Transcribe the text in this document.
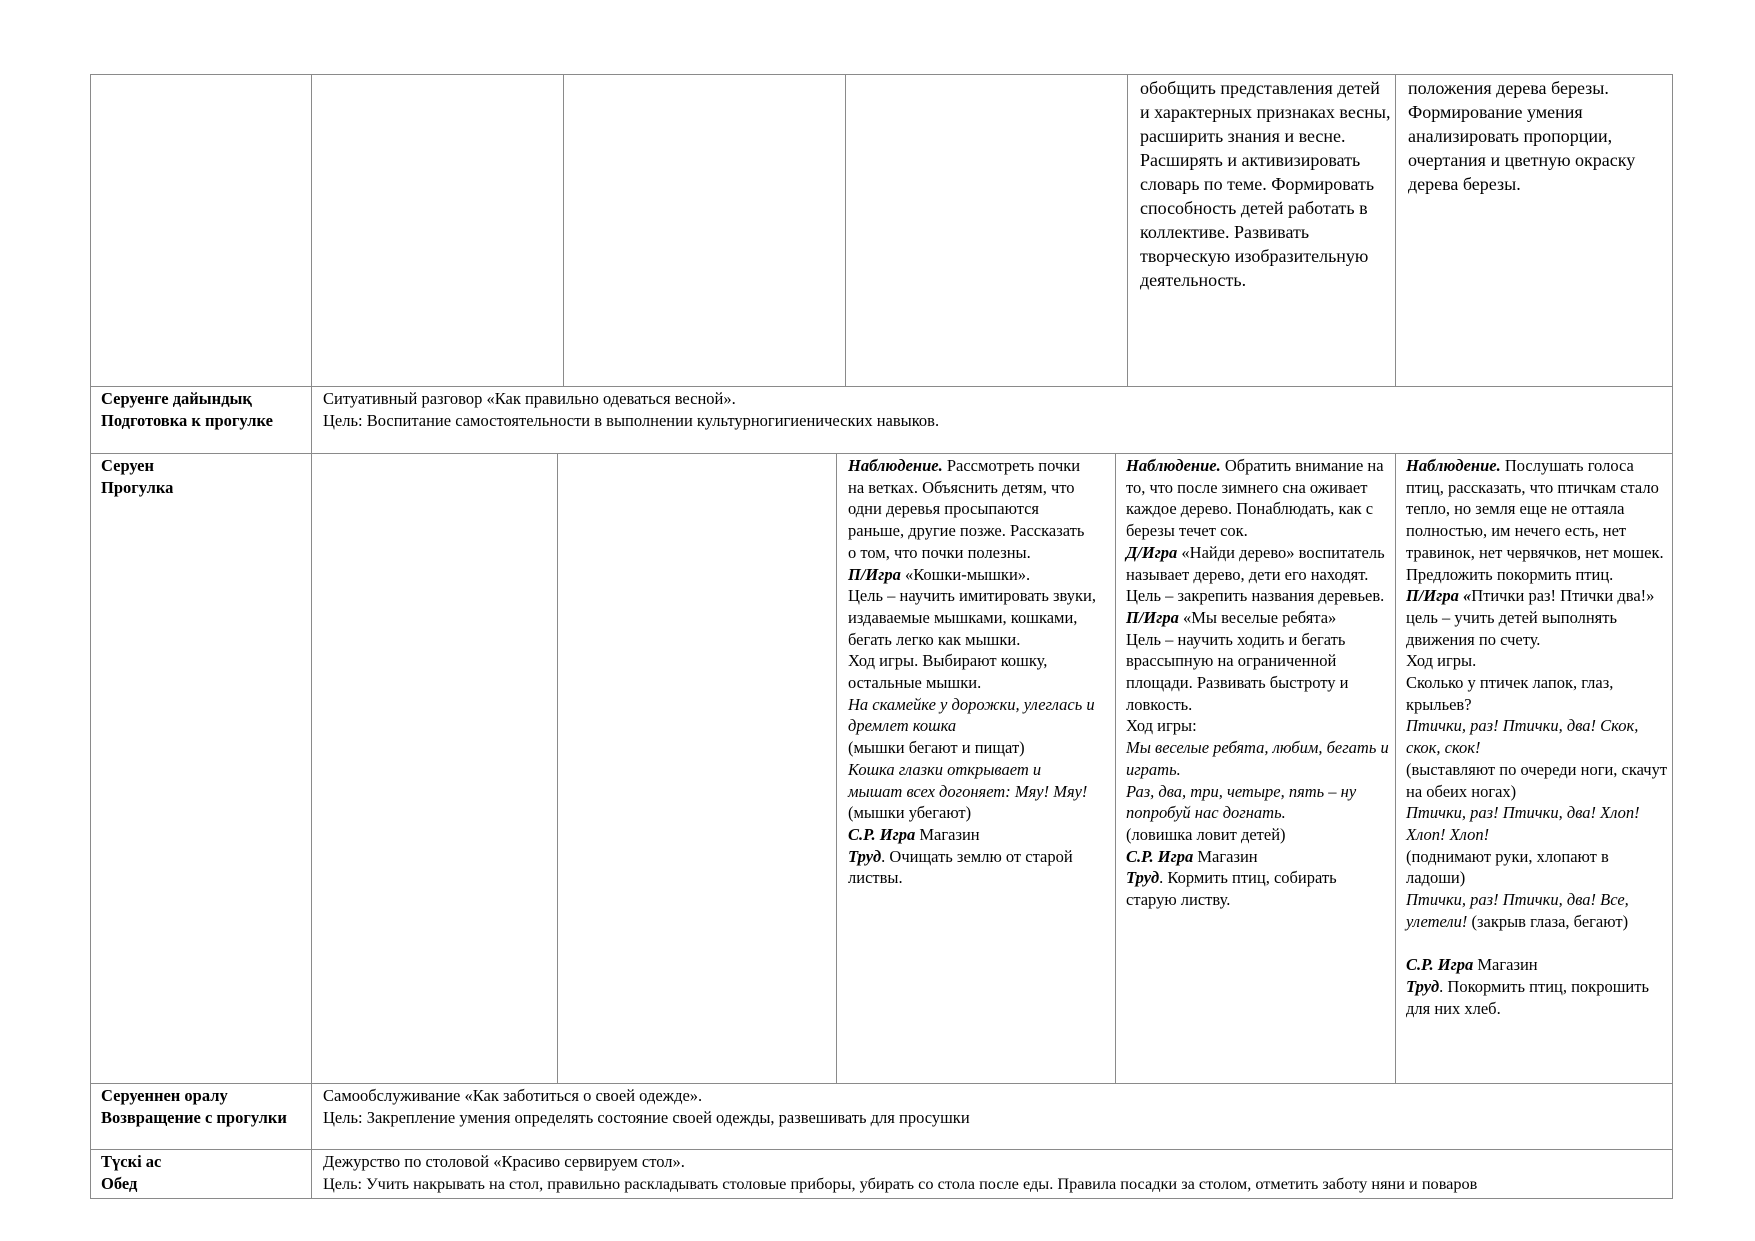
обобщить представления детей и характерных признаках весны, расширить знания и весне. Расширять и активизировать словарь по теме. Формировать способность детей работать в коллективе. Развивать творческую изобразительную деятельность.

положения дерева березы. Формирование умения анализировать пропорции, очертания и цветную окраску дерева березы.

Серуенге дайындық

Подготовка к прогулке

Ситуативный разговор «Как правильно одеваться весной».

Цель: Воспитание самостоятельности в выполнении культурногигиенических навыков.

Серуен

Прогулка

Наблюдение. Рассмотреть почки на ветках. Объяснить детям, что одни деревья просыпаются раньше, другие позже. Рассказать о том, что почки полезны.

П/Игра «Кошки-мышки».

Цель – научить имитировать звуки, издаваемые мышками, кошками, бегать легко как мышки.

Ход игры. Выбирают кошку, остальные мышки.

На скамейке у дорожки, улеглась и дремлет кошка

(мышки бегают и пищат)

Кошка глазки открывает и мышат всех догоняет: Мяу! Мяу!

(мышки убегают)

С.Р. Игра Магазин

Труд. Очищать землю от старой листвы.

Наблюдение. Обратить внимание на то, что после зимнего сна оживает каждое дерево. Понаблюдать, как с березы течет сок.

Д/Игра «Найди дерево» воспитатель называет дерево, дети его находят.

Цель – закрепить названия деревьев.

П/Игра «Мы веселые ребята»

Цель – научить ходить и бегать врассыпную на ограниченной площади. Развивать быстроту и ловкость.

Ход игры:

Мы веселые ребята, любим, бегать и играть.

Раз, два, три, четыре, пять – ну попробуй нас догнать.

(ловишка ловит детей)

С.Р. Игра Магазин

Труд. Кормить птиц, собирать старую листву.

Наблюдение. Послушать голоса птиц, рассказать, что птичкам стало тепло, но земля еще не оттаяла полностью, им нечего есть, нет травинок, нет червячков, нет мошек. Предложить покормить птиц.

П/Игра «Птички раз! Птички два!»

цель – учить детей выполнять движения по счету.

Ход игры.

Сколько у птичек лапок, глаз, крыльев?

Птички, раз! Птички, два! Скок, скок, скок!

(выставляют по очереди ноги, скачут на обеих ногах)

Птички, раз! Птички, два! Хлоп! Хлоп! Хлоп!

(поднимают руки, хлопают в ладоши)

Птички, раз! Птички, два! Все, улетели! (закрыв глаза, бегают)

С.Р. Игра Магазин

Труд. Покормить птиц, покрошить для них хлеб.

Серуеннен оралу

Возвращение с прогулки

Самообслуживание «Как заботиться о своей одежде».

Цель: Закрепление умения определять состояние своей одежды, развешивать для просушки

Түскі ас

Обед

Дежурство по столовой «Красиво сервируем стол».

Цель: Учить накрывать на стол, правильно раскладывать столовые приборы, убирать со стола после еды. Правила посадки за столом, отметить заботу няни и поваров
